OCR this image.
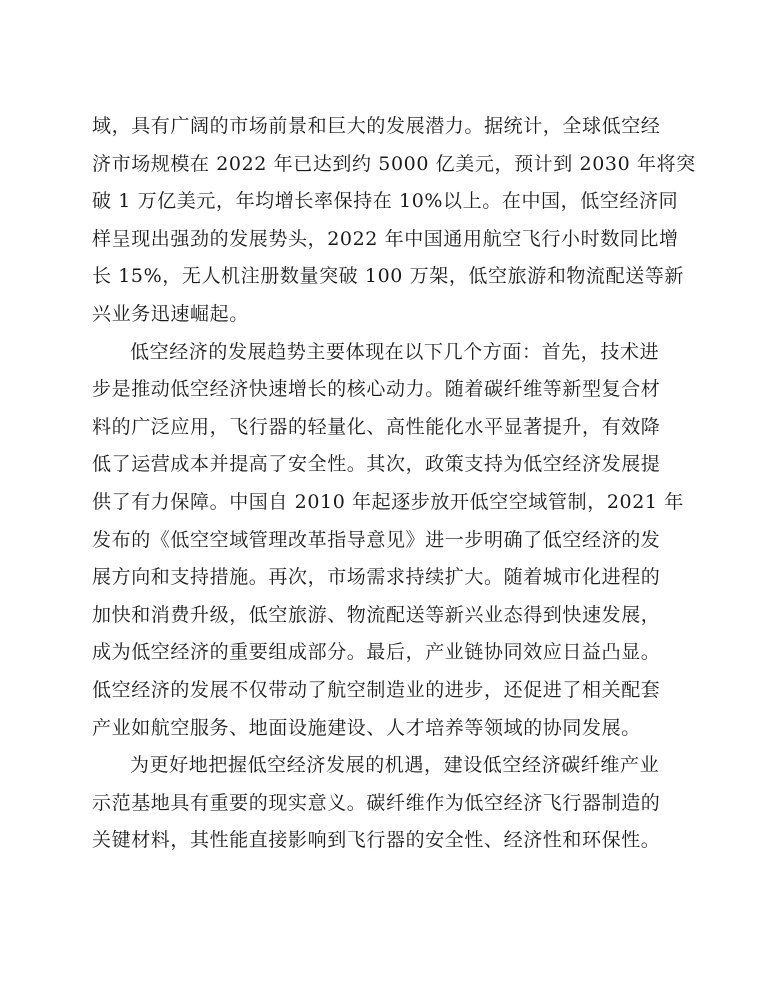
域，具有广阔的市场前景和巨大的发展潜力。据统计，全球低空经
济市场规模在 2022 年已达到约 5000 亿美元，预计到 2030 年将突
破 1 万亿美元，年均增长率保持在 10%以上。在中国，低空经济同
样呈现出强劲的发展势头，2022 年中国通用航空飞行小时数同比增
长 15%，无人机注册数量突破 100 万架，低空旅游和物流配送等新
兴业务迅速崛起。

低空经济的发展趋势主要体现在以下几个方面：首先，技术进
步是推动低空经济快速增长的核心动力。随着碳纤维等新型复合材
料的广泛应用，飞行器的轻量化、高性能化水平显著提升，有效降
低了运营成本并提高了安全性。其次，政策支持为低空经济发展提
供了有力保障。中国自 2010 年起逐步放开低空空域管制，2021 年
发布的《低空空域管理改革指导意见》进一步明确了低空经济的发
展方向和支持措施。再次，市场需求持续扩大。随着城市化进程的
加快和消费升级，低空旅游、物流配送等新兴业态得到快速发展，
成为低空经济的重要组成部分。最后，产业链协同效应日益凸显。
低空经济的发展不仅带动了航空制造业的进步，还促进了相关配套
产业如航空服务、地面设施建设、人才培养等领域的协同发展。

为更好地把握低空经济发展的机遇，建设低空经济碳纤维产业
示范基地具有重要的现实意义。碳纤维作为低空经济飞行器制造的
关键材料，其性能直接影响到飞行器的安全性、经济性和环保性。
